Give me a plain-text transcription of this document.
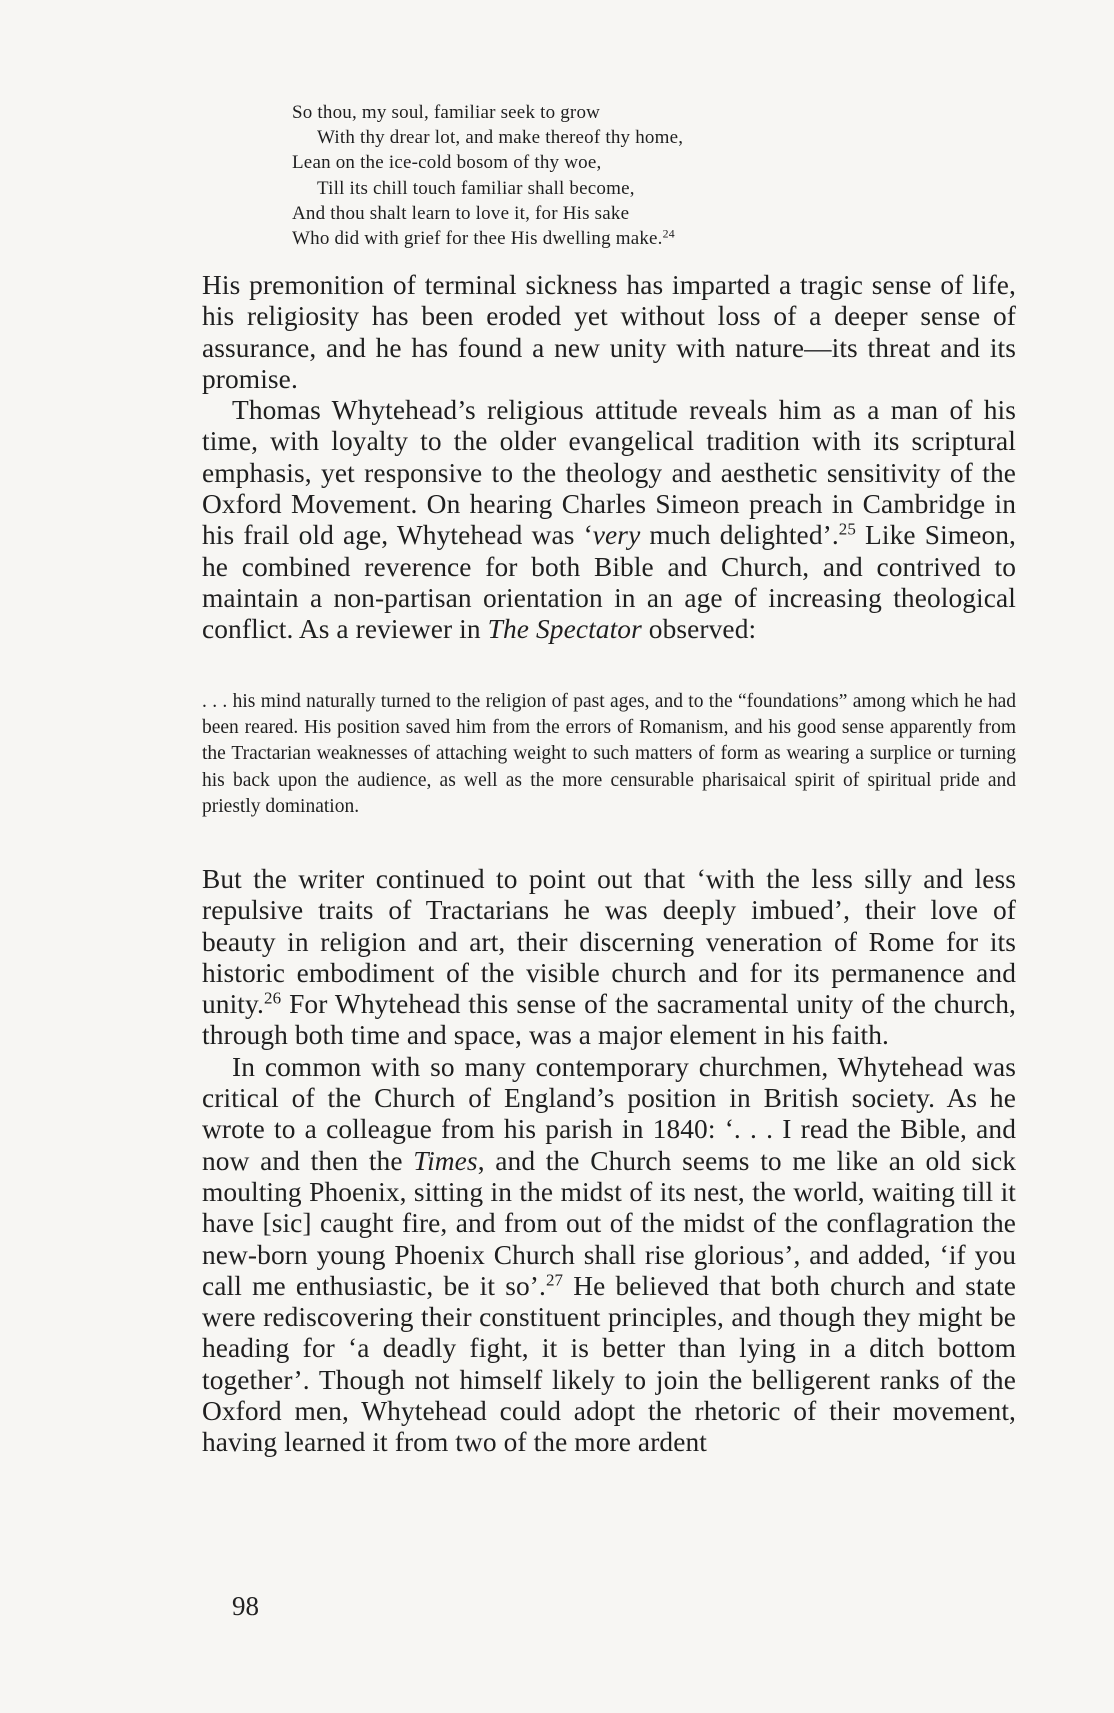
So thou, my soul, familiar seek to grow
With thy drear lot, and make thereof thy home,
Lean on the ice-cold bosom of thy woe,
Till its chill touch familiar shall become,
And thou shalt learn to love it, for His sake
Who did with grief for thee His dwelling make.$^{24}$

His premonition of terminal sickness has imparted a tragic sense of life, his religiosity has been eroded yet without loss of a deeper sense of assurance, and he has found a new unity with nature—its threat and its promise.

Thomas Whytehead’s religious attitude reveals him as a man of his time, with loyalty to the older evangelical tradition with its scriptural emphasis, yet responsive to the theology and aesthetic sensitivity of the Oxford Movement. On hearing Charles Simeon preach in Cambridge in his frail old age, Whytehead was ‘very much delighted’.$^{25}$ Like Simeon, he combined reverence for both Bible and Church, and contrived to maintain a non-partisan orientation in an age of increasing theological conflict. As a reviewer in The Spectator observed:

. . . his mind naturally turned to the religion of past ages, and to the “foundations” among which he had been reared. His position saved him from the errors of Romanism, and his good sense apparently from the Tractarian weaknesses of attaching weight to such matters of form as wearing a surplice or turning his back upon the audience, as well as the more censurable pharisaical spirit of spiritual pride and priestly domination.

But the writer continued to point out that ‘with the less silly and less repulsive traits of Tractarians he was deeply imbued’, their love of beauty in religion and art, their discerning veneration of Rome for its historic embodiment of the visible church and for its permanence and unity.$^{26}$ For Whytehead this sense of the sacramental unity of the church, through both time and space, was a major element in his faith.

In common with so many contemporary churchmen, Whytehead was critical of the Church of England’s position in British society. As he wrote to a colleague from his parish in 1840: ‘. . . I read the Bible, and now and then the Times, and the Church seems to me like an old sick moulting Phoenix, sitting in the midst of its nest, the world, waiting till it have [sic] caught fire, and from out of the midst of the conflagration the new-born young Phoenix Church shall rise glorious’, and added, ‘if you call me enthusiastic, be it so’.$^{27}$ He believed that both church and state were rediscovering their constituent principles, and though they might be heading for ‘a deadly fight, it is better than lying in a ditch bottom together’. Though not himself likely to join the belligerent ranks of the Oxford men, Whytehead could adopt the rhetoric of their movement, having learned it from two of the more ardent

98
